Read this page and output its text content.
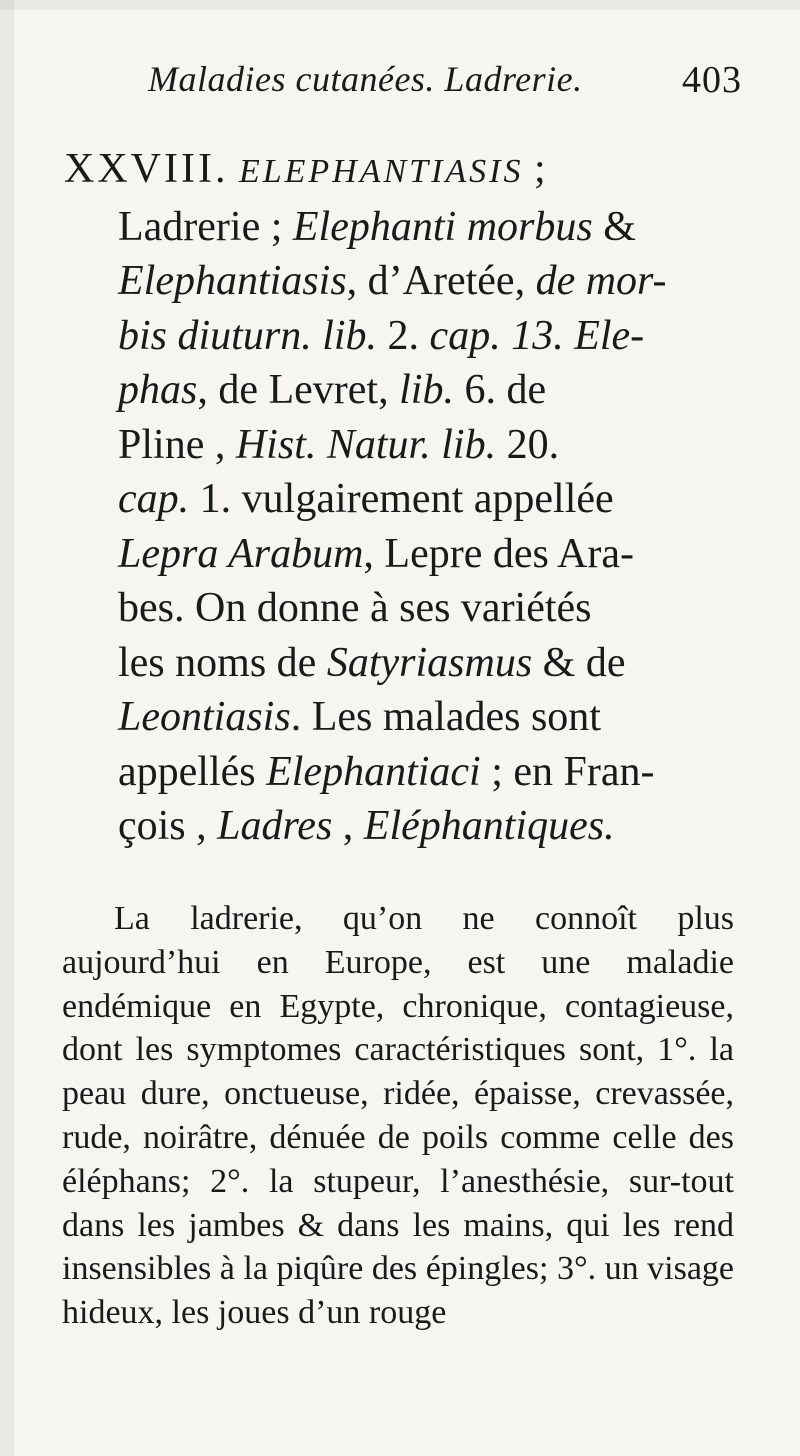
Maladies cutanées. Ladrerie.	403
XXVIII. ELEPHANTIASIS ;
Ladrerie ; Elephanti morbus &
Elephantiasis, d’Aretée, de mor-
bis diuturn. lib. 2. cap. 13. Ele-
phas, de Levret, lib. 6. de
Pline , Hist. Natur. lib. 20.
cap. 1. vulgairement appellée
Lepra Arabum, Lepre des Ara-
bes. On donne à ses variétés
les noms de Satyriasmus & de
Leontiasis. Les malades sont
appellés Elephantiaci ; en Fran-
çois , Ladres , Eléphantiques.

La ladrerie, qu’on ne connoît plus aujourd’hui en Europe, est une maladie endémique en Egypte, chronique, contagieuse, dont les symptomes caractéristiques sont, 1°. la peau dure, onctueuse, ridée, épaisse, crevassée, rude, noirâtre, dénuée de poils comme celle des éléphans; 2°. la stupeur, l’anesthésie, sur-tout dans les jambes & dans les mains, qui les rend insensibles à la piqûre des épingles; 3°. un visage hideux, les joues d’un rouge
